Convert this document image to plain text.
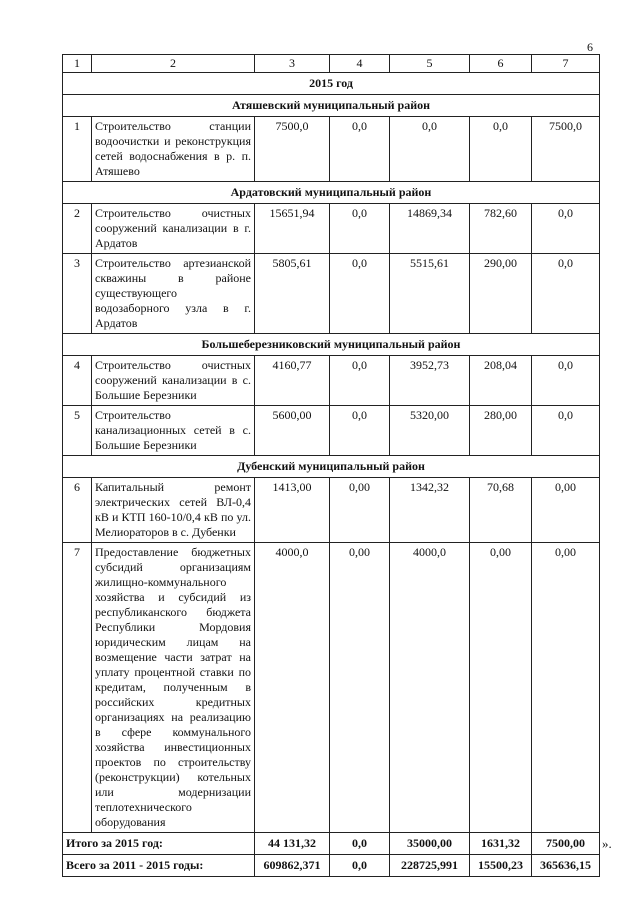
6
1	2	3	4	5	6	7
2015 год						
Атяшевский муниципальный район						
1	Строительство станции водоочистки и реконструкция сетей водоснабжения в р. п. Атяшево	7500,0	0,0	0,0	0,0	7500,0
Ардатовский муниципальный район						
2	Строительство очистных сооружений канализации в г. Ардатов	15651,94	0,0	14869,34	782,60	0,0
3	Строительство артезианской скважины в районе существующего водозаборного узла в г. Ардатов	5805,61	0,0	5515,61	290,00	0,0
Большеберезниковский муниципальный район						
4	Строительство очистных сооружений канализации в с. Большие Березники	4160,77	0,0	3952,73	208,04	0,0
5	Строительство канализационных сетей в с. Большие Березники	5600,00	0,0	5320,00	280,00	0,0
Дубенский муниципальный район						
6	Капитальный ремонт электрических сетей ВЛ-0,4 кВ и КТП 160-10/0,4 кВ по ул. Мелиораторов в с. Дубенки	1413,00	0,00	1342,32	70,68	0,00
7	Предоставление бюджетных субсидий организациям жилищно-коммунального хозяйства и субсидий из республиканского бюджета Республики Мордовия юридическим лицам на возмещение части затрат на уплату процентной ставки по кредитам, полученным в российских кредитных организациях на реализацию в сфере коммунального хозяйства инвестиционных проектов по строительству (реконструкции) котельных или модернизации теплотехнического оборудования	4000,0	0,00	4000,0	0,00	0,00
Итого за 2015 год:		44 131,32	0,0	35000,00	1631,32	7500,00
Всего за 2011 - 2015 годы:		609862,371	0,0	228725,991	15500,23	365636,15
».
